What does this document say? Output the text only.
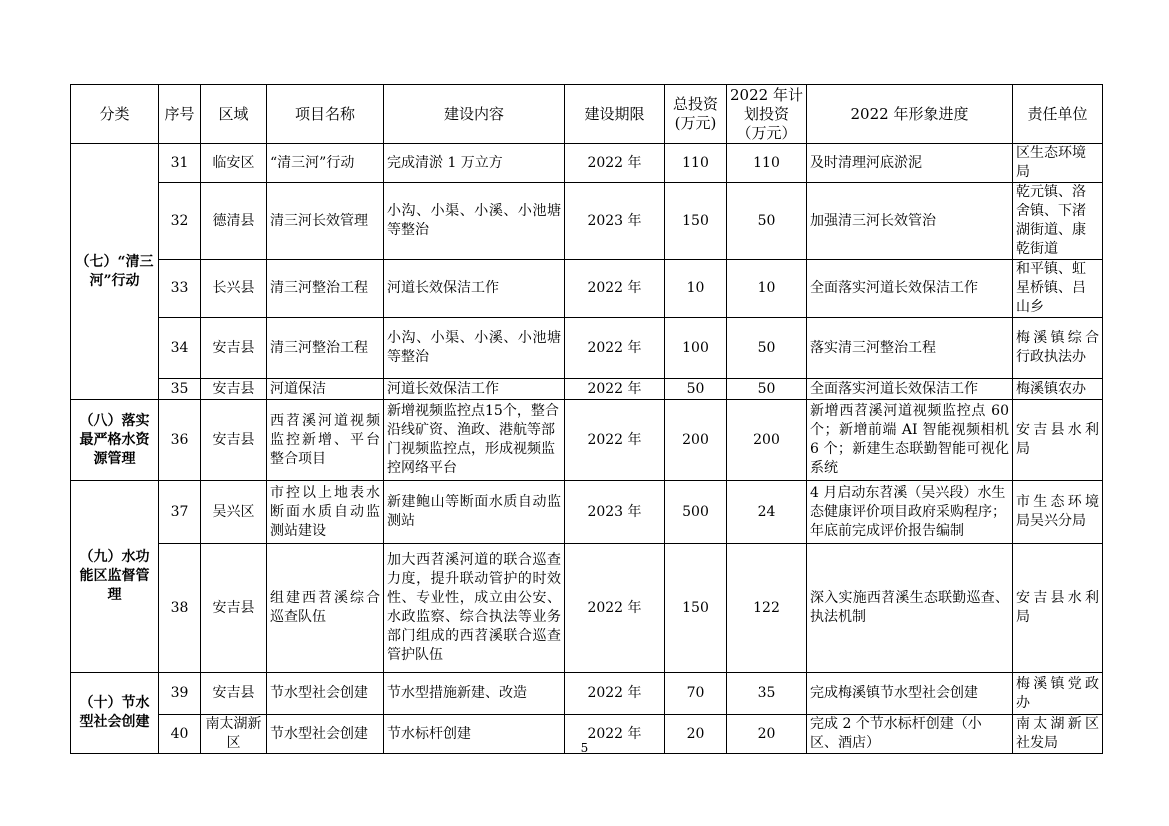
分类	序号	区域	项目名称	建设内容	建设期限	总投资(万元)	2022 年计划投资（万元）	2022 年形象进度	责任单位
（七）“清三河”行动	31	临安区	“清三河”行动	完成清淤 1 万立方	2022 年	110	110	及时清理河底淤泥	区生态环境局
	32	德清县	清三河长效管理	小沟、小渠、小溪、小池塘等整治	2023 年	150	50	加强清三河长效管治	乾元镇、洛舍镇、下渚湖街道、康乾街道
	33	长兴县	清三河整治工程	河道长效保洁工作	2022 年	10	10	全面落实河道长效保洁工作	和平镇、虹星桥镇、吕山乡
	34	安吉县	清三河整治工程	小沟、小渠、小溪、小池塘等整治	2022 年	100	50	落实清三河整治工程	梅溪镇综合行政执法办
	35	安吉县	河道保洁	河道长效保洁工作	2022 年	50	50	全面落实河道长效保洁工作	梅溪镇农办
（八）落实最严格水资源管理	36	安吉县	西苕溪河道视频监控新增、平台整合项目	新增视频监控点15个，整合沿线矿资、渔政、港航等部门视频监控点，形成视频监控网络平台	2022 年	200	200	新增西苕溪河道视频监控点 60 个；新增前端 AI 智能视频相机 6 个；新建生态联勤智能可视化系统	安吉县水利局
（九）水功能区监督管理	37	吴兴区	市控以上地表水断面水质自动监测站建设	新建鲍山等断面水质自动监测站	2023 年	500	24	4 月启动东苕溪（吴兴段）水生态健康评价项目政府采购程序；年底前完成评价报告编制	市生态环境局吴兴分局
	38	安吉县	组建西苕溪综合巡查队伍	加大西苕溪河道的联合巡查力度，提升联动管护的时效性、专业性，成立由公安、水政监察、综合执法等业务部门组成的西苕溪联合巡查管护队伍	2022 年	150	122	深入实施西苕溪生态联勤巡查、执法机制	安吉县水利局
（十）节水型社会创建	39	安吉县	节水型社会创建	节水型措施新建、改造	2022 年	70	35	完成梅溪镇节水型社会创建	梅溪镇党政办
	40	南太湖新区	节水型社会创建	节水标杆创建	2022 年	20	20	完成 2 个节水标杆创建（小区、酒店）	南太湖新区社发局
5
